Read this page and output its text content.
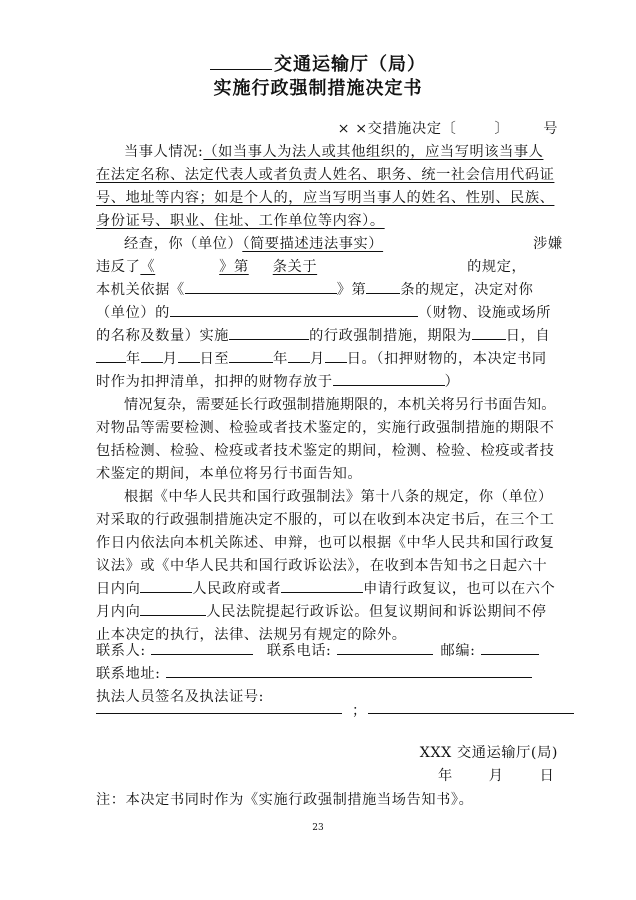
交通运输厅（局）
实施行政强制措施决定书
× ×交措施决定〔	〕 号
当事人情况:（如当事人为法人或其他组织的，应当写明该当事人
在法定名称、法定代表人或者负责人姓名、职务、统一社会信用代码证
号、地址等内容；如是个人的，应当写明当事人的姓名、性别、民族、
身份证号、职业、住址、工作单位等内容）。
经查，你（单位）（简要描述违法事实）	涉嫌
违反了《	》第 条关于	的规定，
本机关依据《	》第 条的规定，决定对你
（单位）的	（财物、设施或场所
的名称及数量）实施	的行政强制措施，期限为 日，自
年 月 日至	年 月 日。（扣押财物的，本决定书同
时作为扣押清单，扣押的财物存放于	）
情况复杂，需要延长行政强制措施期限的，本机关将另行书面告知。
对物品等需要检测、检验或者技术鉴定的，实施行政强制措施的期限不
包括检测、检验、检疫或者技术鉴定的期间，检测、检验、检疫或者技
术鉴定的期间，本单位将另行书面告知。
根据《中华人民共和国行政强制法》第十八条的规定，你（单位）
对采取的行政强制措施决定不服的，可以在收到本决定书后，在三个工
作日内依法向本机关陈述、申辩，也可以根据《中华人民共和国行政复
议法》或《中华人民共和国行政诉讼法》，在收到本告知书之日起六十
日内向	人民政府或者	申请行政复议，也可以在六个
月内向	人民法院提起行政诉讼。但复议期间和诉讼期间不停
止本决定的执行，法律、法规另有规定的除外。
联系人:	联系电话:	邮编:
联系地址:
执法人员签名及执法证号:
；
XXX 交通运输厅(局)
年	月	日
注：本决定书同时作为《实施行政强制措施当场告知书》。
23
